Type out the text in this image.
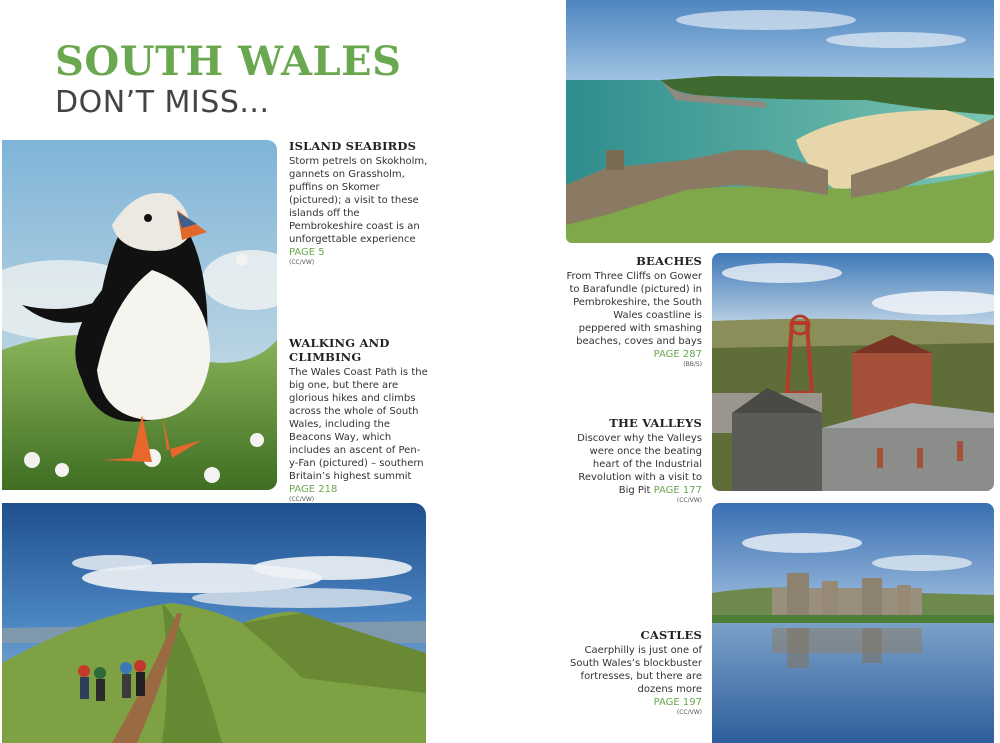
SOUTH WALES
DON’T MISS...
ISLAND SEABIRDS

Storm petrels on Skokholm, gannets on Grassholm, puffins on Skomer (pictured); a visit to these islands off the Pembrokeshire coast is an unforgettable experience

PAGE 5
(CC/VW)
WALKING AND CLIMBING

The Wales Coast Path is the big one, but there are glorious hikes and climbs across the whole of South Wales, including the Beacons Way, which includes an ascent of Pen-y-Fan (pictured) – southern Britain’s highest summit PAGE 218

(CC/VW)
BEACHES

From Three Cliffs on Gower to Barafundle (pictured) in Pembrokeshire, the South Wales coastline is peppered with smashing beaches, coves and bays PAGE 287

(BB/S)
THE VALLEYS

Discover why the Valleys were once the beating heart of the Industrial Revolution with a visit to Big Pit PAGE 177

(CC/VW)
CASTLES

Caerphilly is just one of South Wales’s blockbuster fortresses, but there are dozens more

PAGE 197
(CC/VW)
